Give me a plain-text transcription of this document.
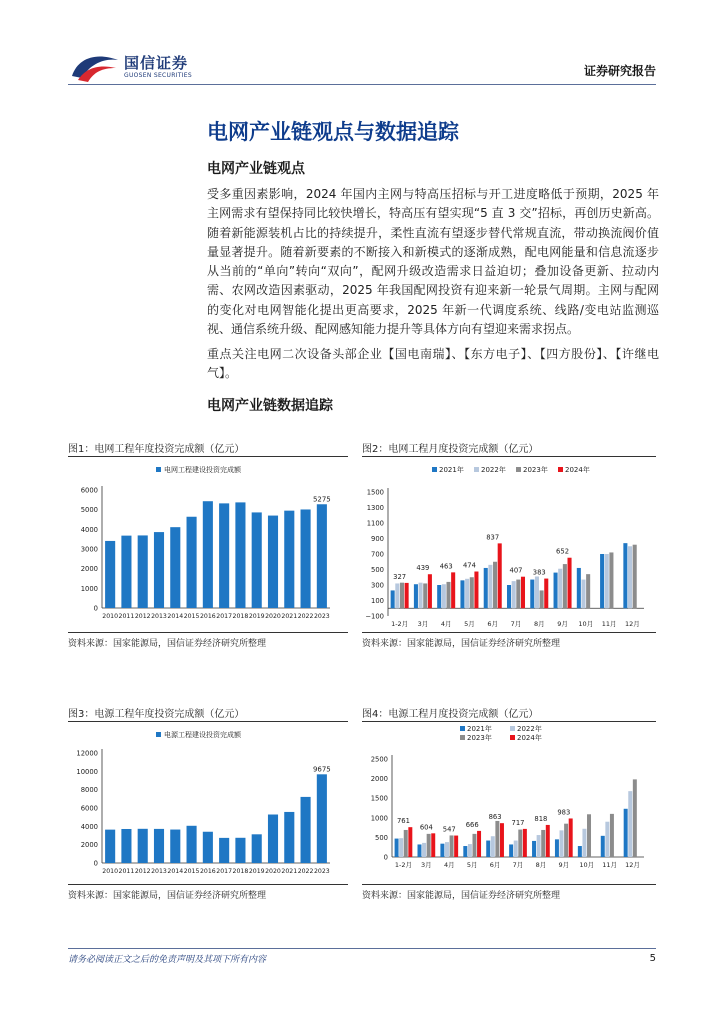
国信证券
GUOSEN SECURITIES	证券研究报告
电网产业链观点与数据追踪
电网产业链观点
受多重因素影响，2024 年国内主网与特高压招标与开工进度略低于预期，2025 年主网需求有望保持同比较快增长，特高压有望实现“5 直 3 交”招标，再创历史新高。随着新能源装机占比的持续提升，柔性直流有望逐步替代常规直流，带动换流阀价值量显著提升。随着新要素的不断接入和新模式的逐渐成熟，配电网能量和信息流逐步从当前的“单向”转向“双向”，配网升级改造需求日益迫切；叠加设备更新、拉动内需、农网改造因素驱动，2025 年我国配网投资有迎来新一轮景气周期。主网与配网的变化对电网智能化提出更高要求，2025 年新一代调度系统、线路/变电站监测巡视、通信系统升级、配网感知能力提升等具体方向有望迎来需求拐点。
重点关注电网二次设备头部企业【国电南瑞】、【东方电子】、【四方股份】、【许继电气】。
电网产业链数据追踪
图1：电网工程年度投资完成额（亿元）	图2：电网工程月度投资完成额（亿元）
资料来源：国家能源局，国信证券经济研究所整理	资料来源：国家能源局，国信证券经济研究所整理
图3：电源工程年度投资完成额（亿元）	图4：电源工程月度投资完成额（亿元）
资料来源：国家能源局，国信证券经济研究所整理	资料来源：国家能源局，国信证券经济研究所整理
0
1000
2000
3000
4000
5000
6000
2010 2011 2012 2013 2014 2015 2016 2017 2018 2019 2020 2021 2022 2023
5275
电网工程建设投资完成额
−100
100
300
500
700
900
1100
1300
1500
327
439 463 474
837
407 383
652
1-2月 3月 4月 5月 6月 7月 8月 9月 10月 11月 12月
2021年 2022年 2023年 2024年
0
2000
4000
6000
8000
10000
12000
2010 2011 2012 2013 2014 2015 2016 2017 2018 2019 2020 2021 2022 2023
9675
电源工程建设投资完成额
0
500
1000
1500
2000
2500
761
604 547
666
863
717 818
983
1-2月 3月 4月 5月 6月 7月 8月 9月 10月 11月 12月
2021年	2022年
2023年	2024年
请务必阅读正文之后的免责声明及其项下所有内容	5
